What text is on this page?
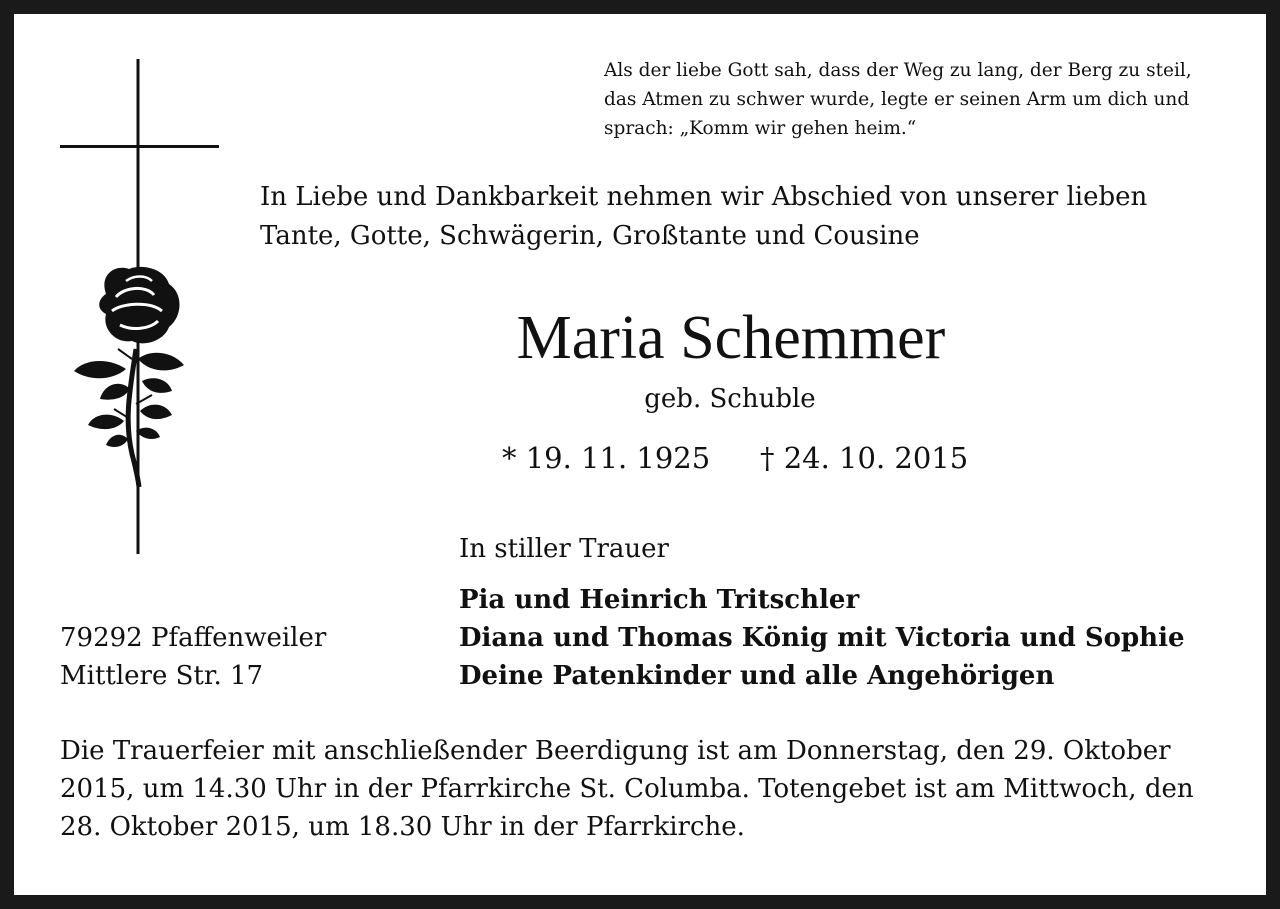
Als der liebe Gott sah, dass der Weg zu lang, der Berg zu steil,
das Atmen zu schwer wurde, legte er seinen Arm um dich und
sprach: „Komm wir gehen heim.“

In Liebe und Dankbarkeit nehmen wir Abschied von unserer lieben
Tante, Gotte, Schwägerin, Großtante und Cousine

Maria Schemmer
geb. Schuble
* 19. 11. 1925 † 24. 10. 2015
In stiller Trauer

Pia und Heinrich Tritschler
Diana und Thomas König mit Victoria und Sophie
Deine Patenkinder und alle Angehörigen

79292 Pfaffenweiler
Mittlere Str. 17

Die Trauerfeier mit anschließender Beerdigung ist am Donnerstag, den 29. Oktober
2015, um 14.30 Uhr in der Pfarrkirche St. Columba. Totengebet ist am Mittwoch, den
28. Oktober 2015, um 18.30 Uhr in der Pfarrkirche.
